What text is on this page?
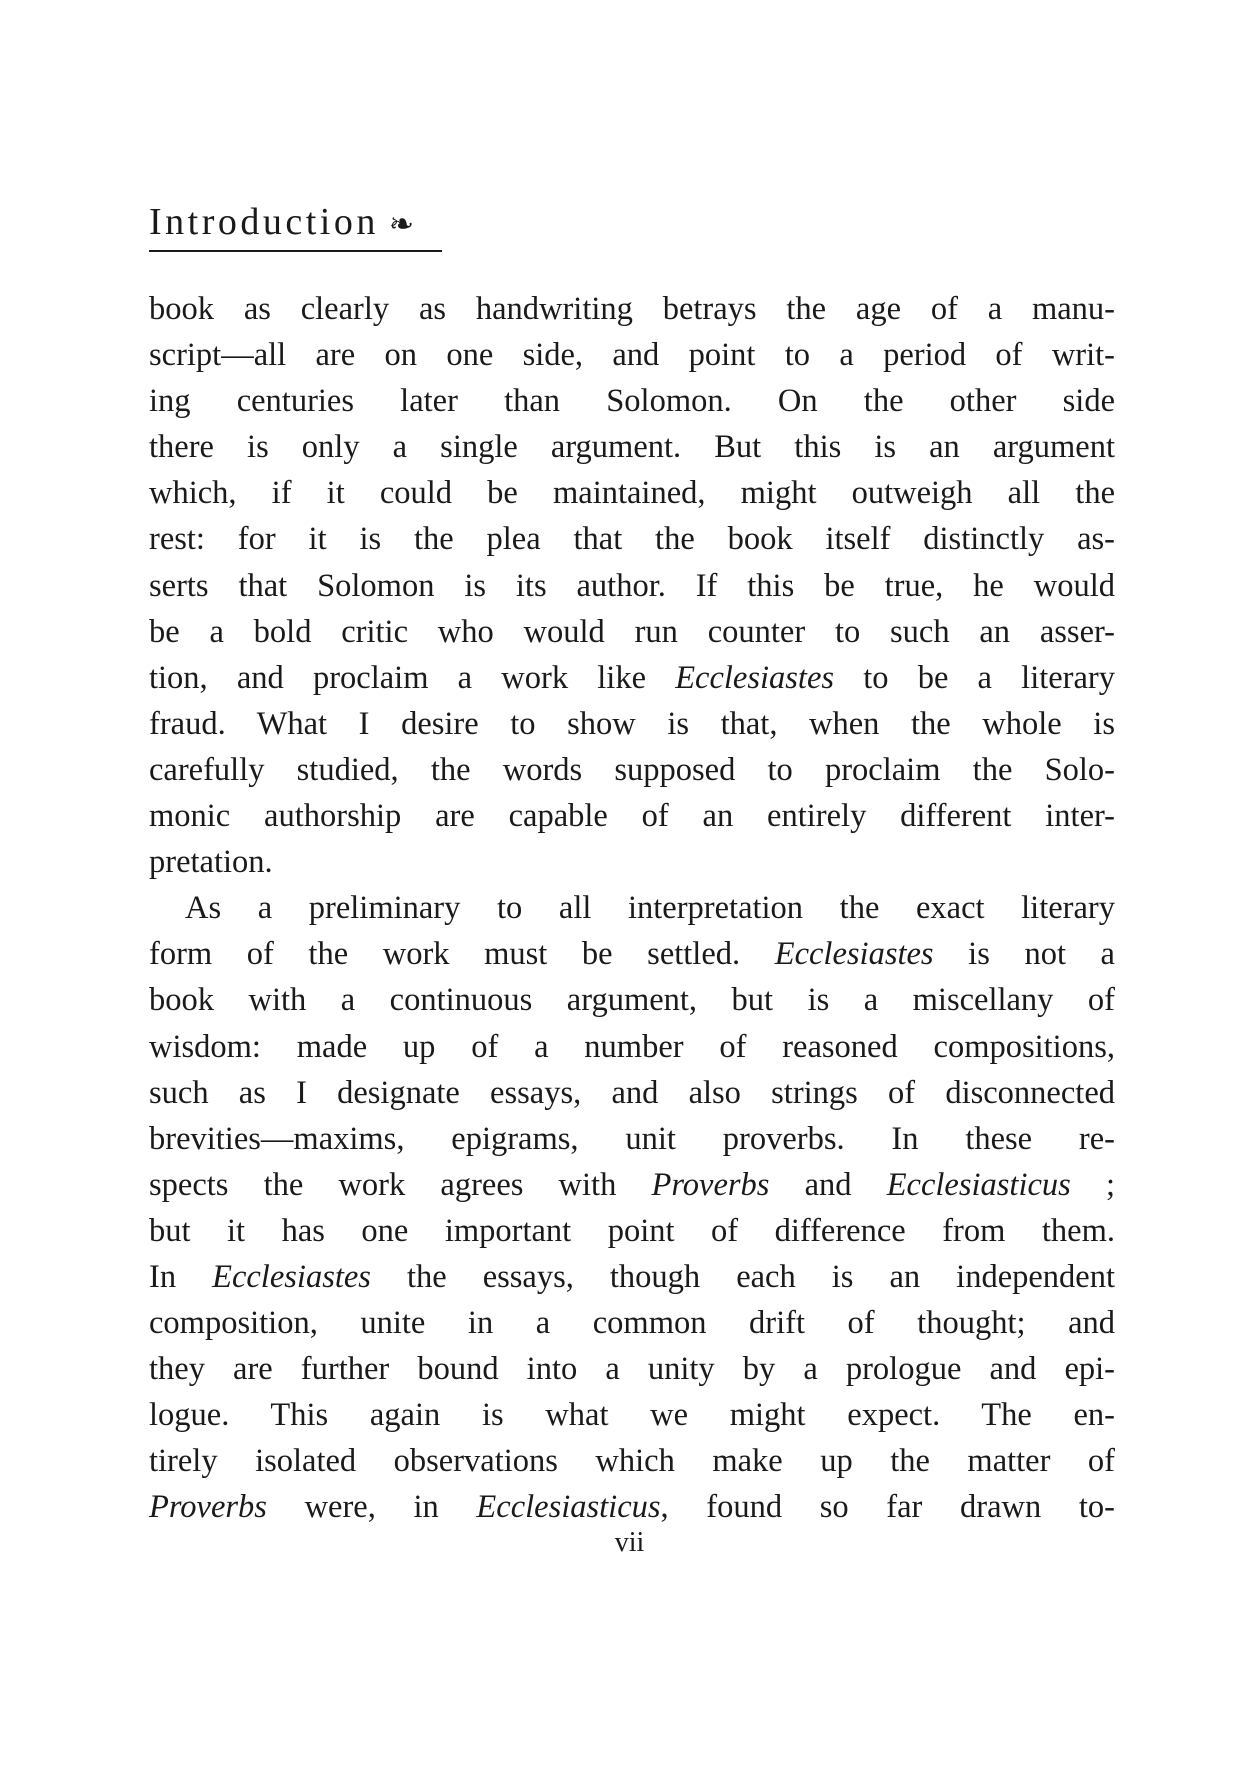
Introduction ❧
book as clearly as handwriting betrays the age of a manu-
script—all are on one side, and point to a period of writ-
ing centuries later than Solomon. On the other side
there is only a single argument. But this is an argument
which, if it could be maintained, might outweigh all the
rest: for it is the plea that the book itself distinctly as-
serts that Solomon is its author. If this be true, he would
be a bold critic who would run counter to such an asser-
tion, and proclaim a work like Ecclesiastes to be a literary
fraud. What I desire to show is that, when the whole is
carefully studied, the words supposed to proclaim the Solo-
monic authorship are capable of an entirely different inter-
pretation.
As a preliminary to all interpretation the exact literary
form of the work must be settled. Ecclesiastes is not a
book with a continuous argument, but is a miscellany of
wisdom: made up of a number of reasoned compositions,
such as I designate essays, and also strings of disconnected
brevities—maxims, epigrams, unit proverbs. In these re-
spects the work agrees with Proverbs and Ecclesiasticus ;
but it has one important point of difference from them.
In Ecclesiastes the essays, though each is an independent
composition, unite in a common drift of thought; and
they are further bound into a unity by a prologue and epi-
logue. This again is what we might expect. The en-
tirely isolated observations which make up the matter of
Proverbs were, in Ecclesiasticus, found so far drawn to-
vii
